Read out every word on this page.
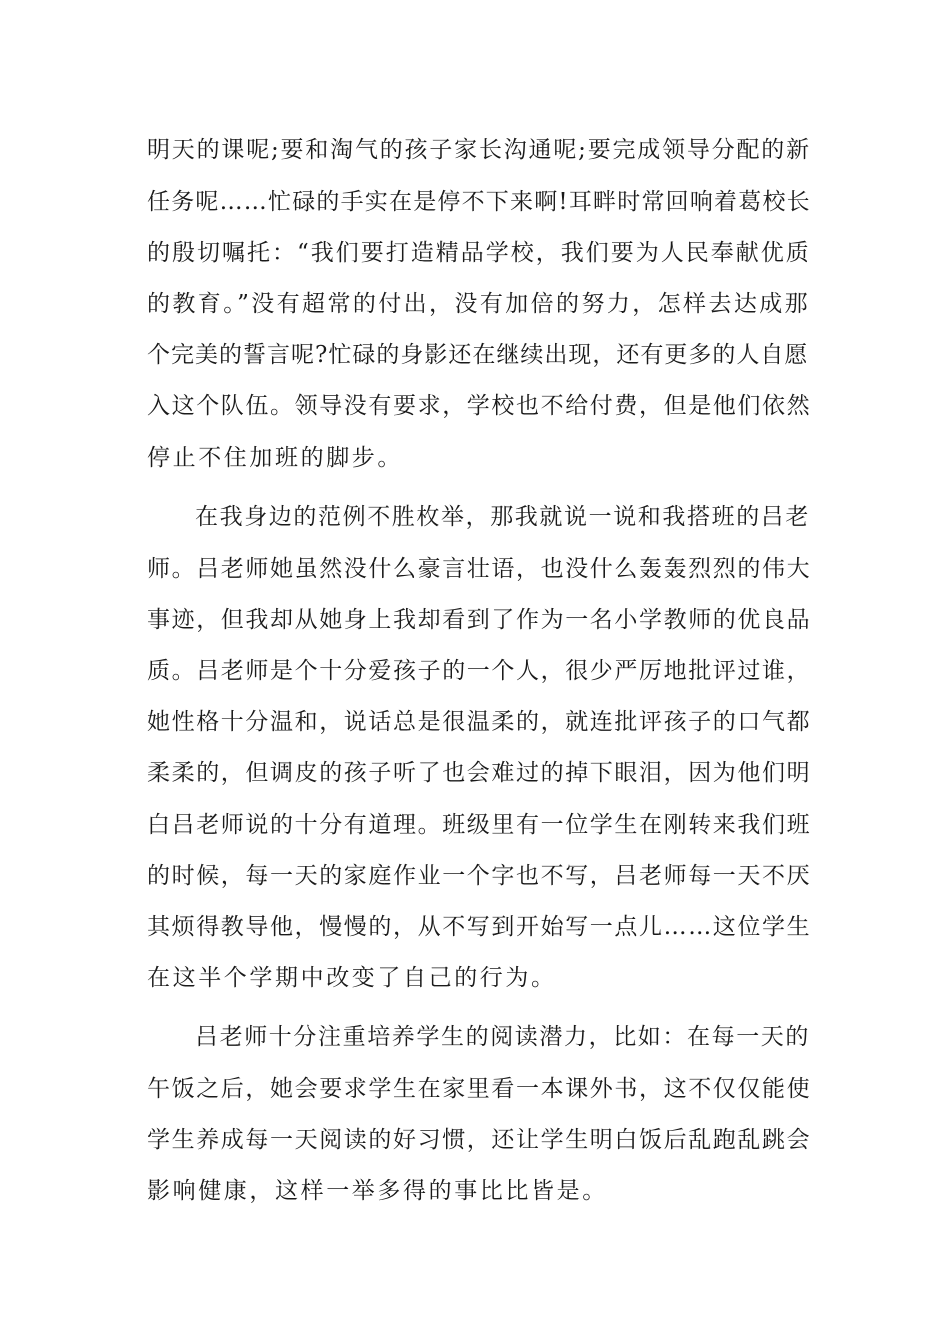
明天的课呢;要和淘气的孩子家长沟通呢;要完成领导分配的新
任务呢……忙碌的手实在是停不下来啊!耳畔时常回响着葛校长
的殷切嘱托：“我们要打造精品学校，我们要为人民奉献优质
的教育。”没有超常的付出，没有加倍的努力，怎样去达成那
个完美的誓言呢?忙碌的身影还在继续出现，还有更多的人自愿
入这个队伍。领导没有要求，学校也不给付费，但是他们依然
停止不住加班的脚步。
在我身边的范例不胜枚举，那我就说一说和我搭班的吕老
师。吕老师她虽然没什么豪言壮语，也没什么轰轰烈烈的伟大
事迹，但我却从她身上我却看到了作为一名小学教师的优良品
质。吕老师是个十分爱孩子的一个人，很少严厉地批评过谁，
她性格十分温和，说话总是很温柔的，就连批评孩子的口气都
柔柔的，但调皮的孩子听了也会难过的掉下眼泪，因为他们明
白吕老师说的十分有道理。班级里有一位学生在刚转来我们班
的时候，每一天的家庭作业一个字也不写，吕老师每一天不厌
其烦得教导他，慢慢的，从不写到开始写一点儿……这位学生
在这半个学期中改变了自己的行为。
吕老师十分注重培养学生的阅读潜力，比如：在每一天的
午饭之后，她会要求学生在家里看一本课外书，这不仅仅能使
学生养成每一天阅读的好习惯，还让学生明白饭后乱跑乱跳会
影响健康，这样一举多得的事比比皆是。
